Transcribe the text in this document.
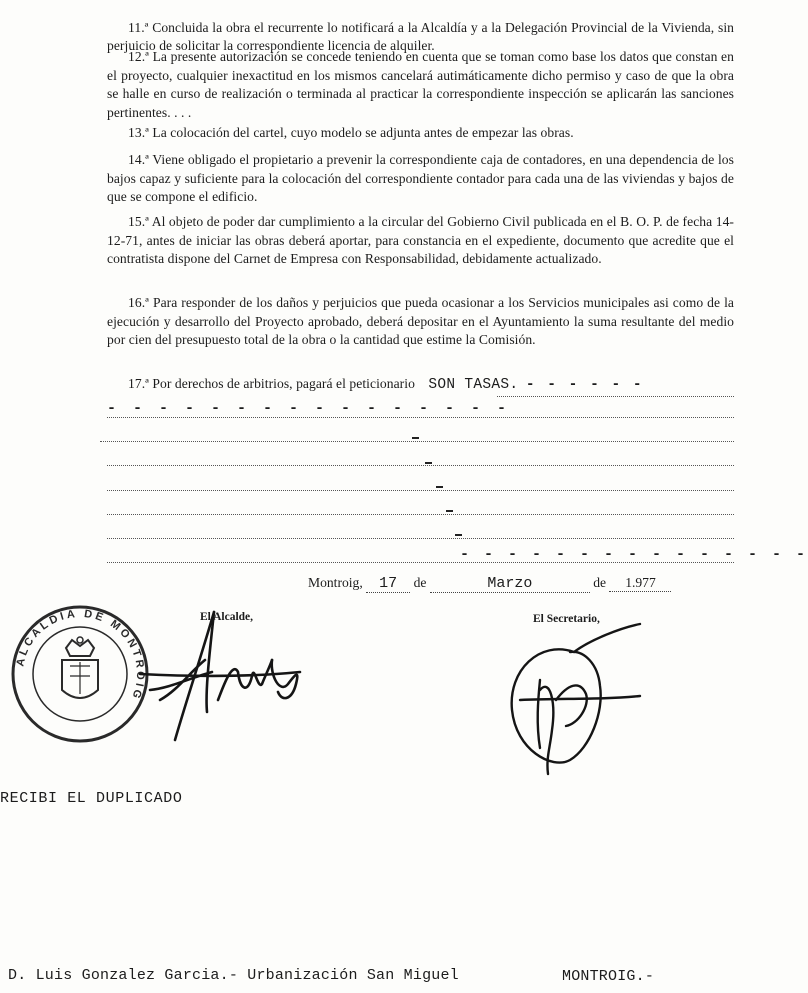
11.ª Concluida la obra el recurrente lo notificará a la Alcaldía y a la Delegación Provincial de la Vivienda, sin perjuicio de solicitar la correspondiente licencia de alquiler.

12.ª La presente autorización se concede teniendo en cuenta que se toman como base los datos que constan en el proyecto, cualquier inexactitud en los mismos cancelará autimáticamente dicho permiso y caso de que la obra se halle en curso de realización o terminada al practicar la correspondiente inspección se aplicarán las sanciones pertinentes. . . .

13.ª La colocación del cartel, cuyo modelo se adjunta antes de empezar las obras.

14.ª Viene obligado el propietario a prevenir la correspondiente caja de contadores, en una dependencia de los bajos capaz y suficiente para la colocación del correspondiente contador para cada una de las viviendas y bajos de que se compone el edificio.

15.ª Al objeto de poder dar cumplimiento a la circular del Gobierno Civil publicada en el B. O. P. de fecha 14-12-71, antes de iniciar las obras deberá aportar, para constancia en el expediente, documento que acredite que el contratista dispone del Carnet de Empresa con Responsabilidad, debidamente actualizado.

16.ª Para responder de los daños y perjuicios que pueda ocasionar a los Servicios municipales asi como de la ejecución y desarrollo del Proyecto aprobado, deberá depositar en el Ayuntamiento la suma resultante del medio por cien del presupuesto total de la obra o la cantidad que estime la Comisión.

17.ª Por derechos de arbitrios, pagará el peticionario SON TASAS. - - - - - -

- - - - - - - - - - - - - - - -
- - - - - - - - - - - - - - -
Montroig, 17 de	Marzo	de 1.977
El Alcalde,	El Secretario,
ALCALDIA DE MONTROIG
RECIBI EL DUPLICADO
D. Luis Gonzalez Garcia.- Urbanización San Miguel	MONTROIG.-
